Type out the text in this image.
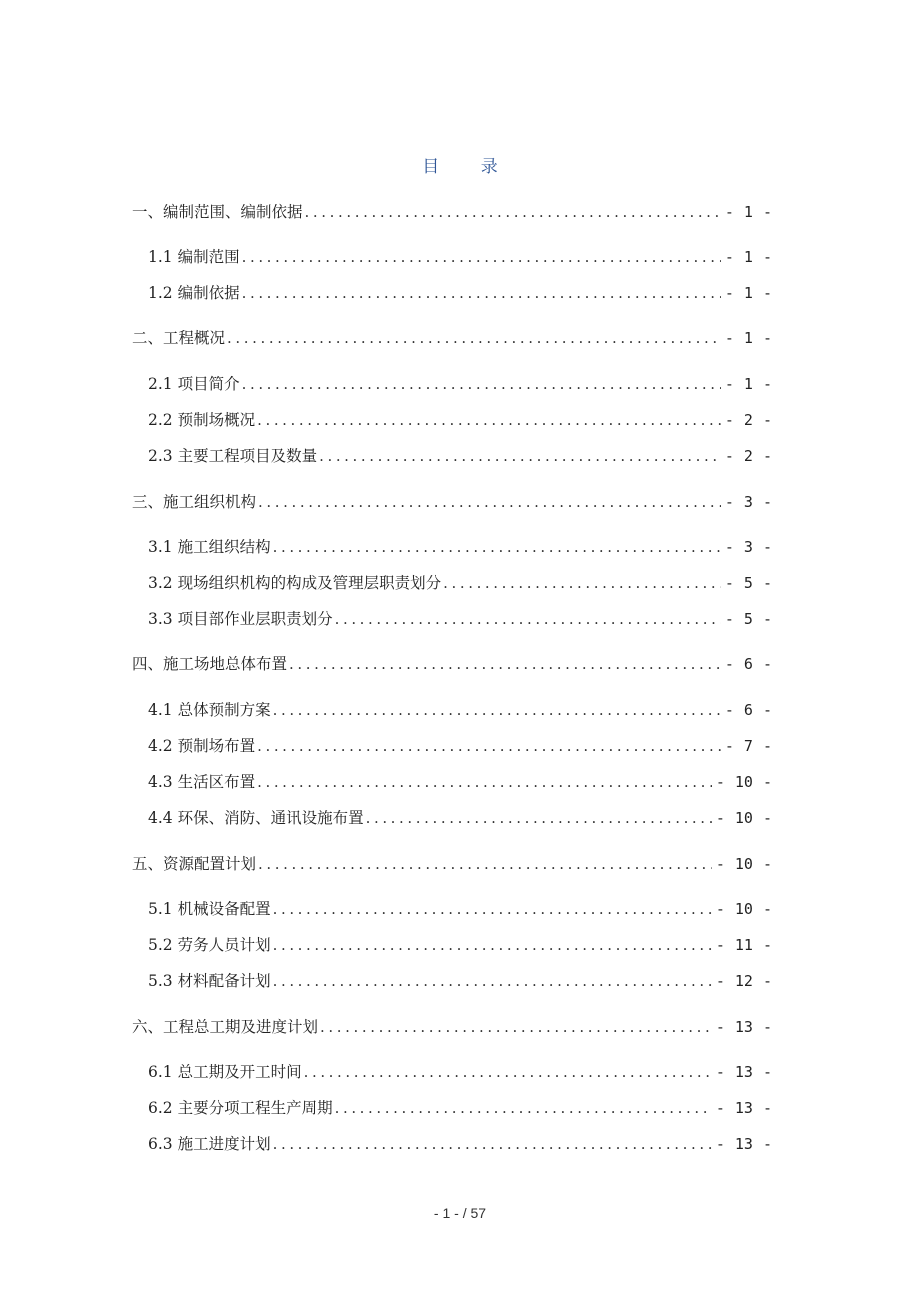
目 录
一、编制范围、编制依据 .....	- 1 -
1.1 编制范围 .....	- 1 -
1.2 编制依据 .....	- 1 -
二、工程概况 .....	- 1 -
2.1 项目简介 .....	- 1 -
2.2 预制场概况 .....	- 2 -
2.3 主要工程项目及数量 .....	- 2 -
三、施工组织机构 .....	- 3 -
3.1 施工组织结构 .....	- 3 -
3.2 现场组织机构的构成及管理层职责划分 .....	- 5 -
3.3 项目部作业层职责划分 .....	- 5 -
四、施工场地总体布置 .....	- 6 -
4.1 总体预制方案 .....	- 6 -
4.2 预制场布置 .....	- 7 -
4.3 生活区布置 .....	- 10 -
4.4 环保、消防、通讯设施布置 .....	- 10 -
五、资源配置计划 .....	- 10 -
5.1 机械设备配置 .....	- 10 -
5.2 劳务人员计划 .....	- 11 -
5.3 材料配备计划 .....	- 12 -
六、工程总工期及进度计划 .....	- 13 -
6.1 总工期及开工时间 .....	- 13 -
6.2 主要分项工程生产周期 .....	- 13 -
6.3 施工进度计划 .....	- 13 -
- 1 - / 57
